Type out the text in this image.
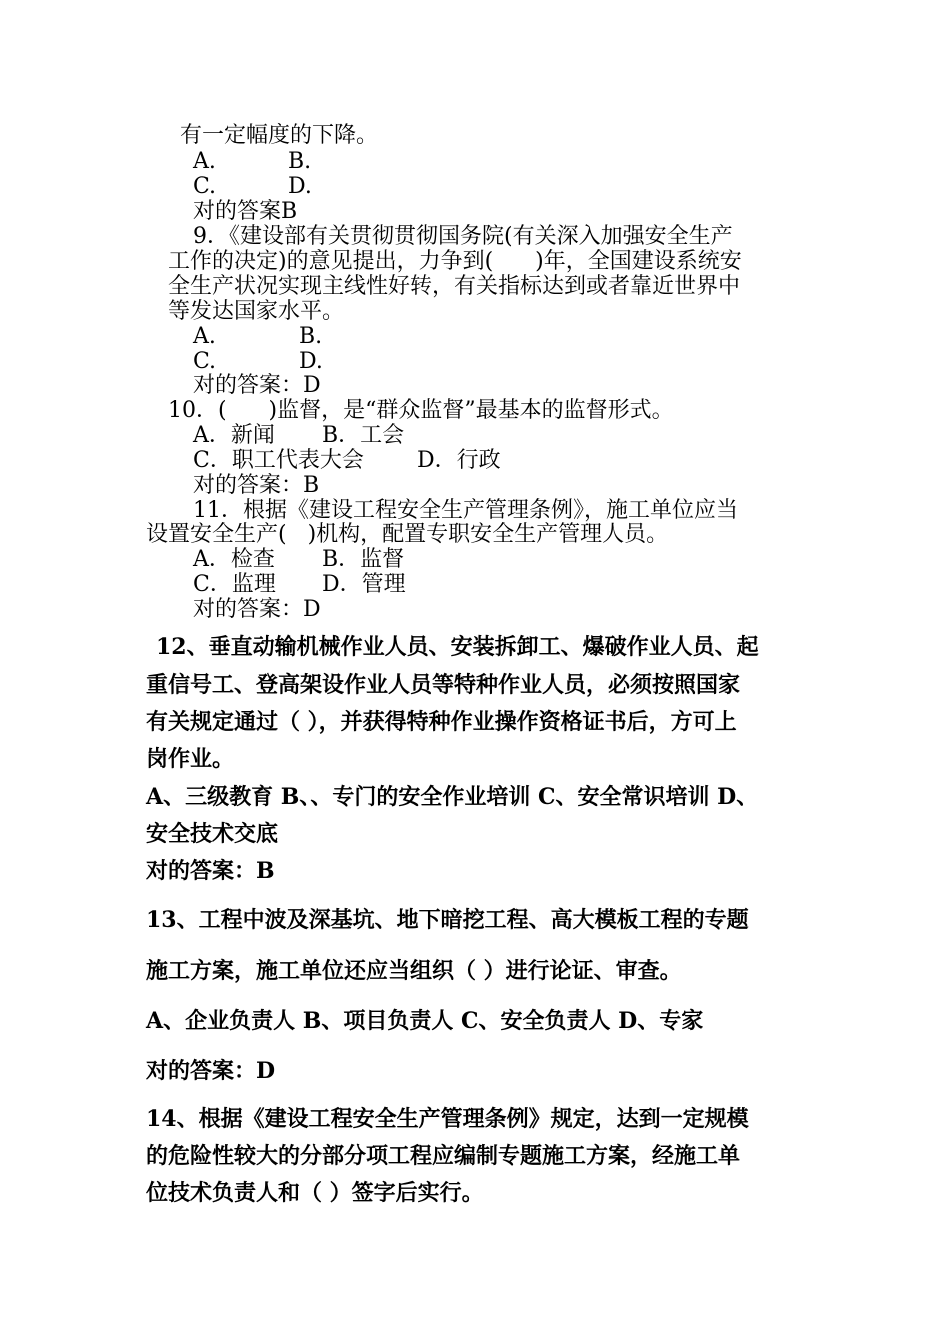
有一定幅度的下降。
A.	B.
C.	D.
对的答案B
9．《建设部有关贯彻贯彻国务院(有关深入加强安全生产
工作的决定)的意见提出，力争到(      )年，全国建设系统安
全生产状况实现主线性好转，有关指标达到或者靠近世界中
等发达国家水平。
A.	B.
C.	D.
对的答案：D
10．(      )监督，是“群众监督”最基本的监督形式。
A．新闻 B．工会
C．职工代表大会 D．行政
对的答案：B
11．根据《建设工程安全生产管理条例》，施工单位应当
设置安全生产(   )机构，配置专职安全生产管理人员。
A．检查 B．监督
C．监理 D．管理
对的答案：D
12、垂直动输机械作业人员、安装拆卸工、爆破作业人员、起
重信号工、登高架设作业人员等特种作业人员，必须按照国家
有关规定通过（ ），并获得特种作业操作资格证书后，方可上
岗作业。
A、三级教育 B、、专门的安全作业培训 C、安全常识培训 D、
安全技术交底
对的答案：B
13、工程中波及深基坑、地下暗挖工程、高大模板工程的专题
施工方案，施工单位还应当组织（ ）进行论证、审查。
A、企业负责人 B、项目负责人 C、安全负责人 D、专家
对的答案：D
14、根据《建设工程安全生产管理条例》规定，达到一定规模
的危险性较大的分部分项工程应编制专题施工方案，经施工单
位技术负责人和（ ）签字后实行。
